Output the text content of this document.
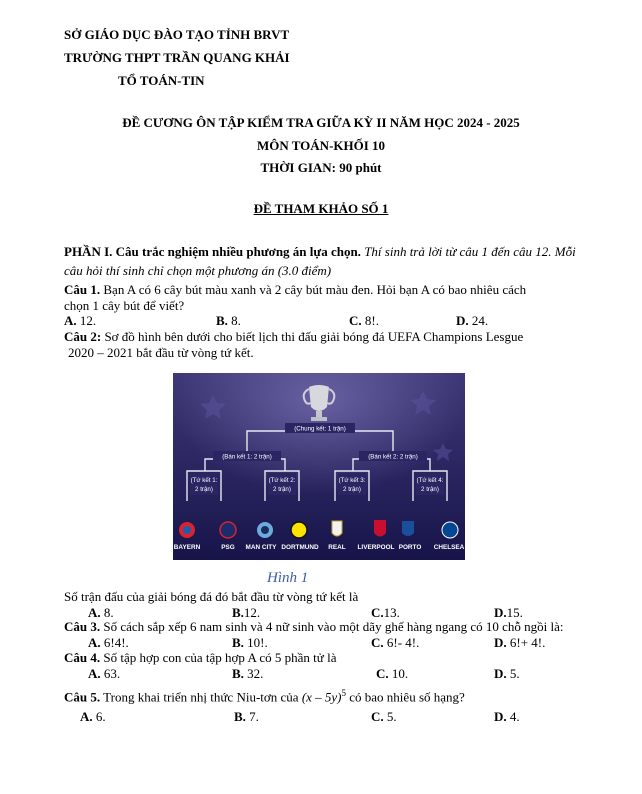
SỞ GIÁO DỤC ĐÀO TẠO TỈNH BRVT
TRƯỜNG THPT TRẦN QUANG KHẢI
TỔ TOÁN-TIN
ĐỀ CƯƠNG ÔN TẬP KIỂM TRA GIỮA KỲ II NĂM HỌC 2024 - 2025
MÔN TOÁN-KHỐI 10
THỜI GIAN: 90 phút
ĐỀ THAM KHẢO SỐ 1
PHẦN I. Câu trắc nghiệm nhiều phương án lựa chọn. Thí sinh trả lời từ câu 1 đến câu 12. Mỗi
câu hỏi thí sinh chỉ chọn một phương án (3.0 điểm)
Câu 1. Bạn A có 6 cây bút màu xanh và 2 cây bút màu đen. Hỏi bạn A có bao nhiêu cách
chọn 1 cây bút để viết?
A. 12.	B. 8.	C. 8!.	D. 24.
Câu 2: Sơ đồ hình bên dưới cho biết lịch thi đấu giải bóng đá UEFA Champions Lesgue
2020 – 2021 bắt đầu từ vòng tứ kết.
(Chung kết: 1 trận)
(Bán kết 1: 2 trận)	(Bán kết 2: 2 trận)
(Tứ kết 1:
2 trận)
(Tứ kết 2:
2 trận)
(Tứ kết 3:
2 trận)
(Tứ kết 4:
2 trận)
BAYERN	PSG MAN CITY DORTMUND REAL LIVERPOOL PORTO CHELSEA
Hình 1
Số trận đấu của giải bóng đá đó bắt đầu từ vòng tứ kết là
A. 8.	B.12.	C.13.	D.15.
Câu 3. Số cách sắp xếp 6 nam sinh và 4 nữ sinh vào một dãy ghế hàng ngang có 10 chỗ ngồi là:
A. 6!4!.	B. 10!.	C. 6!- 4!.	D. 6!+ 4!.
Câu 4. Số tập hợp con của tập hợp A có 5 phần tử là
A. 63.	B. 32.	C. 10.	D. 5.
Câu 5. Trong khai triển nhị thức Niu-tơn của (x – 5y)$^5$ có bao nhiêu số hạng?
A. 6.	B. 7.	C. 5.	D. 4.
